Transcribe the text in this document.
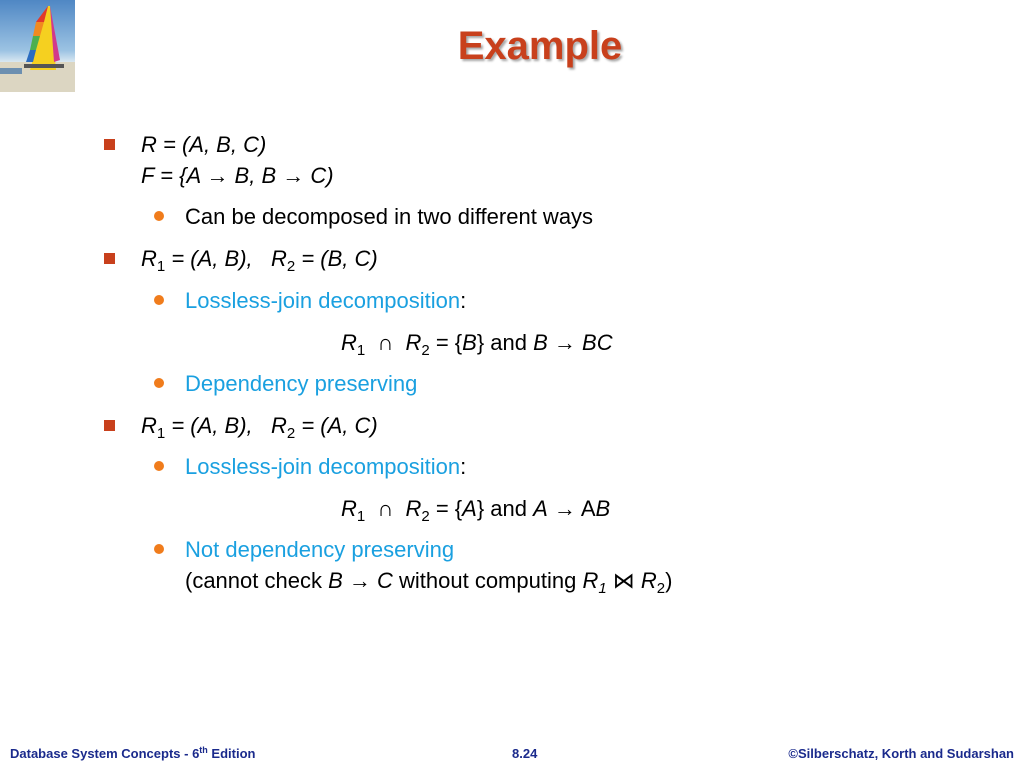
Example
R = (A, B, C)
F = {A → B, B → C)
Can be decomposed in two different ways
$R_1 = (A$, B),   $R_2 = (B$, C)
Lossless-join decomposition:
$R_1$  ∩  $R_2 = \{B\}$ and B → BC
Dependency preserving
$R_1 = (A$, B),   $R_2 = (A$, C)
Lossless-join decomposition:
$R_1$  ∩  $R_2 = \{A\}$ and A → AB
Not dependency preserving
(cannot check B → C without computing $R_1$ ⋈ $R_2$)
Database System Concepts - 6th Edition	8.24	©Silberschatz, Korth and Sudarshan
